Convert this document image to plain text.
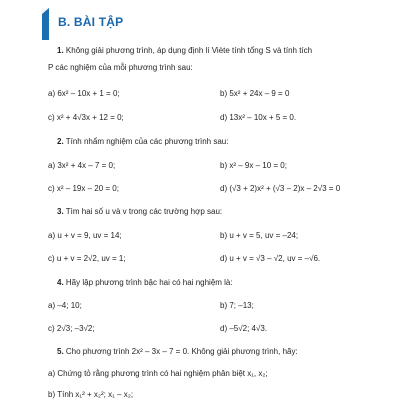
B. BÀI TẬP
1. Không giải phương trình, áp dụng định lí Viète tính tổng S và tính tích
P các nghiệm của mỗi phương trình sau:
a) 6x² – 10x + 1 = 0;	b) 5x² + 24x – 9 = 0
c) x² + 4√3x + 12 = 0;	d) 13x² – 10x + 5 = 0.
2. Tính nhẩm nghiệm của các phương trình sau:
a) 3x² + 4x – 7 = 0;	b) x² – 9x – 10 = 0;
c) x² – 19x – 20 = 0;	d) (√3 + 2)x² + (√3 – 2)x – 2√3 = 0
3. Tìm hai số u và v trong các trường hợp sau:
a) u + v = 9, uv = 14;	b) u + v = 5, uv = –24;
c) u + v = 2√2, uv = 1;	d) u + v = √3 – √2, uv = –√6.
4. Hãy lập phương trình bậc hai có hai nghiệm là:
a) –4; 10;	b) 7; –13;
c) 2√3; –3√2;	d) –5√2; 4√3.
5. Cho phương trình 2x² – 3x – 7 = 0. Không giải phương trình, hãy:
a) Chứng tỏ rằng phương trình có hai nghiệm phân biệt x₁, x₂;
b) Tính x₁² + x₂²; x₁ – x₂;
